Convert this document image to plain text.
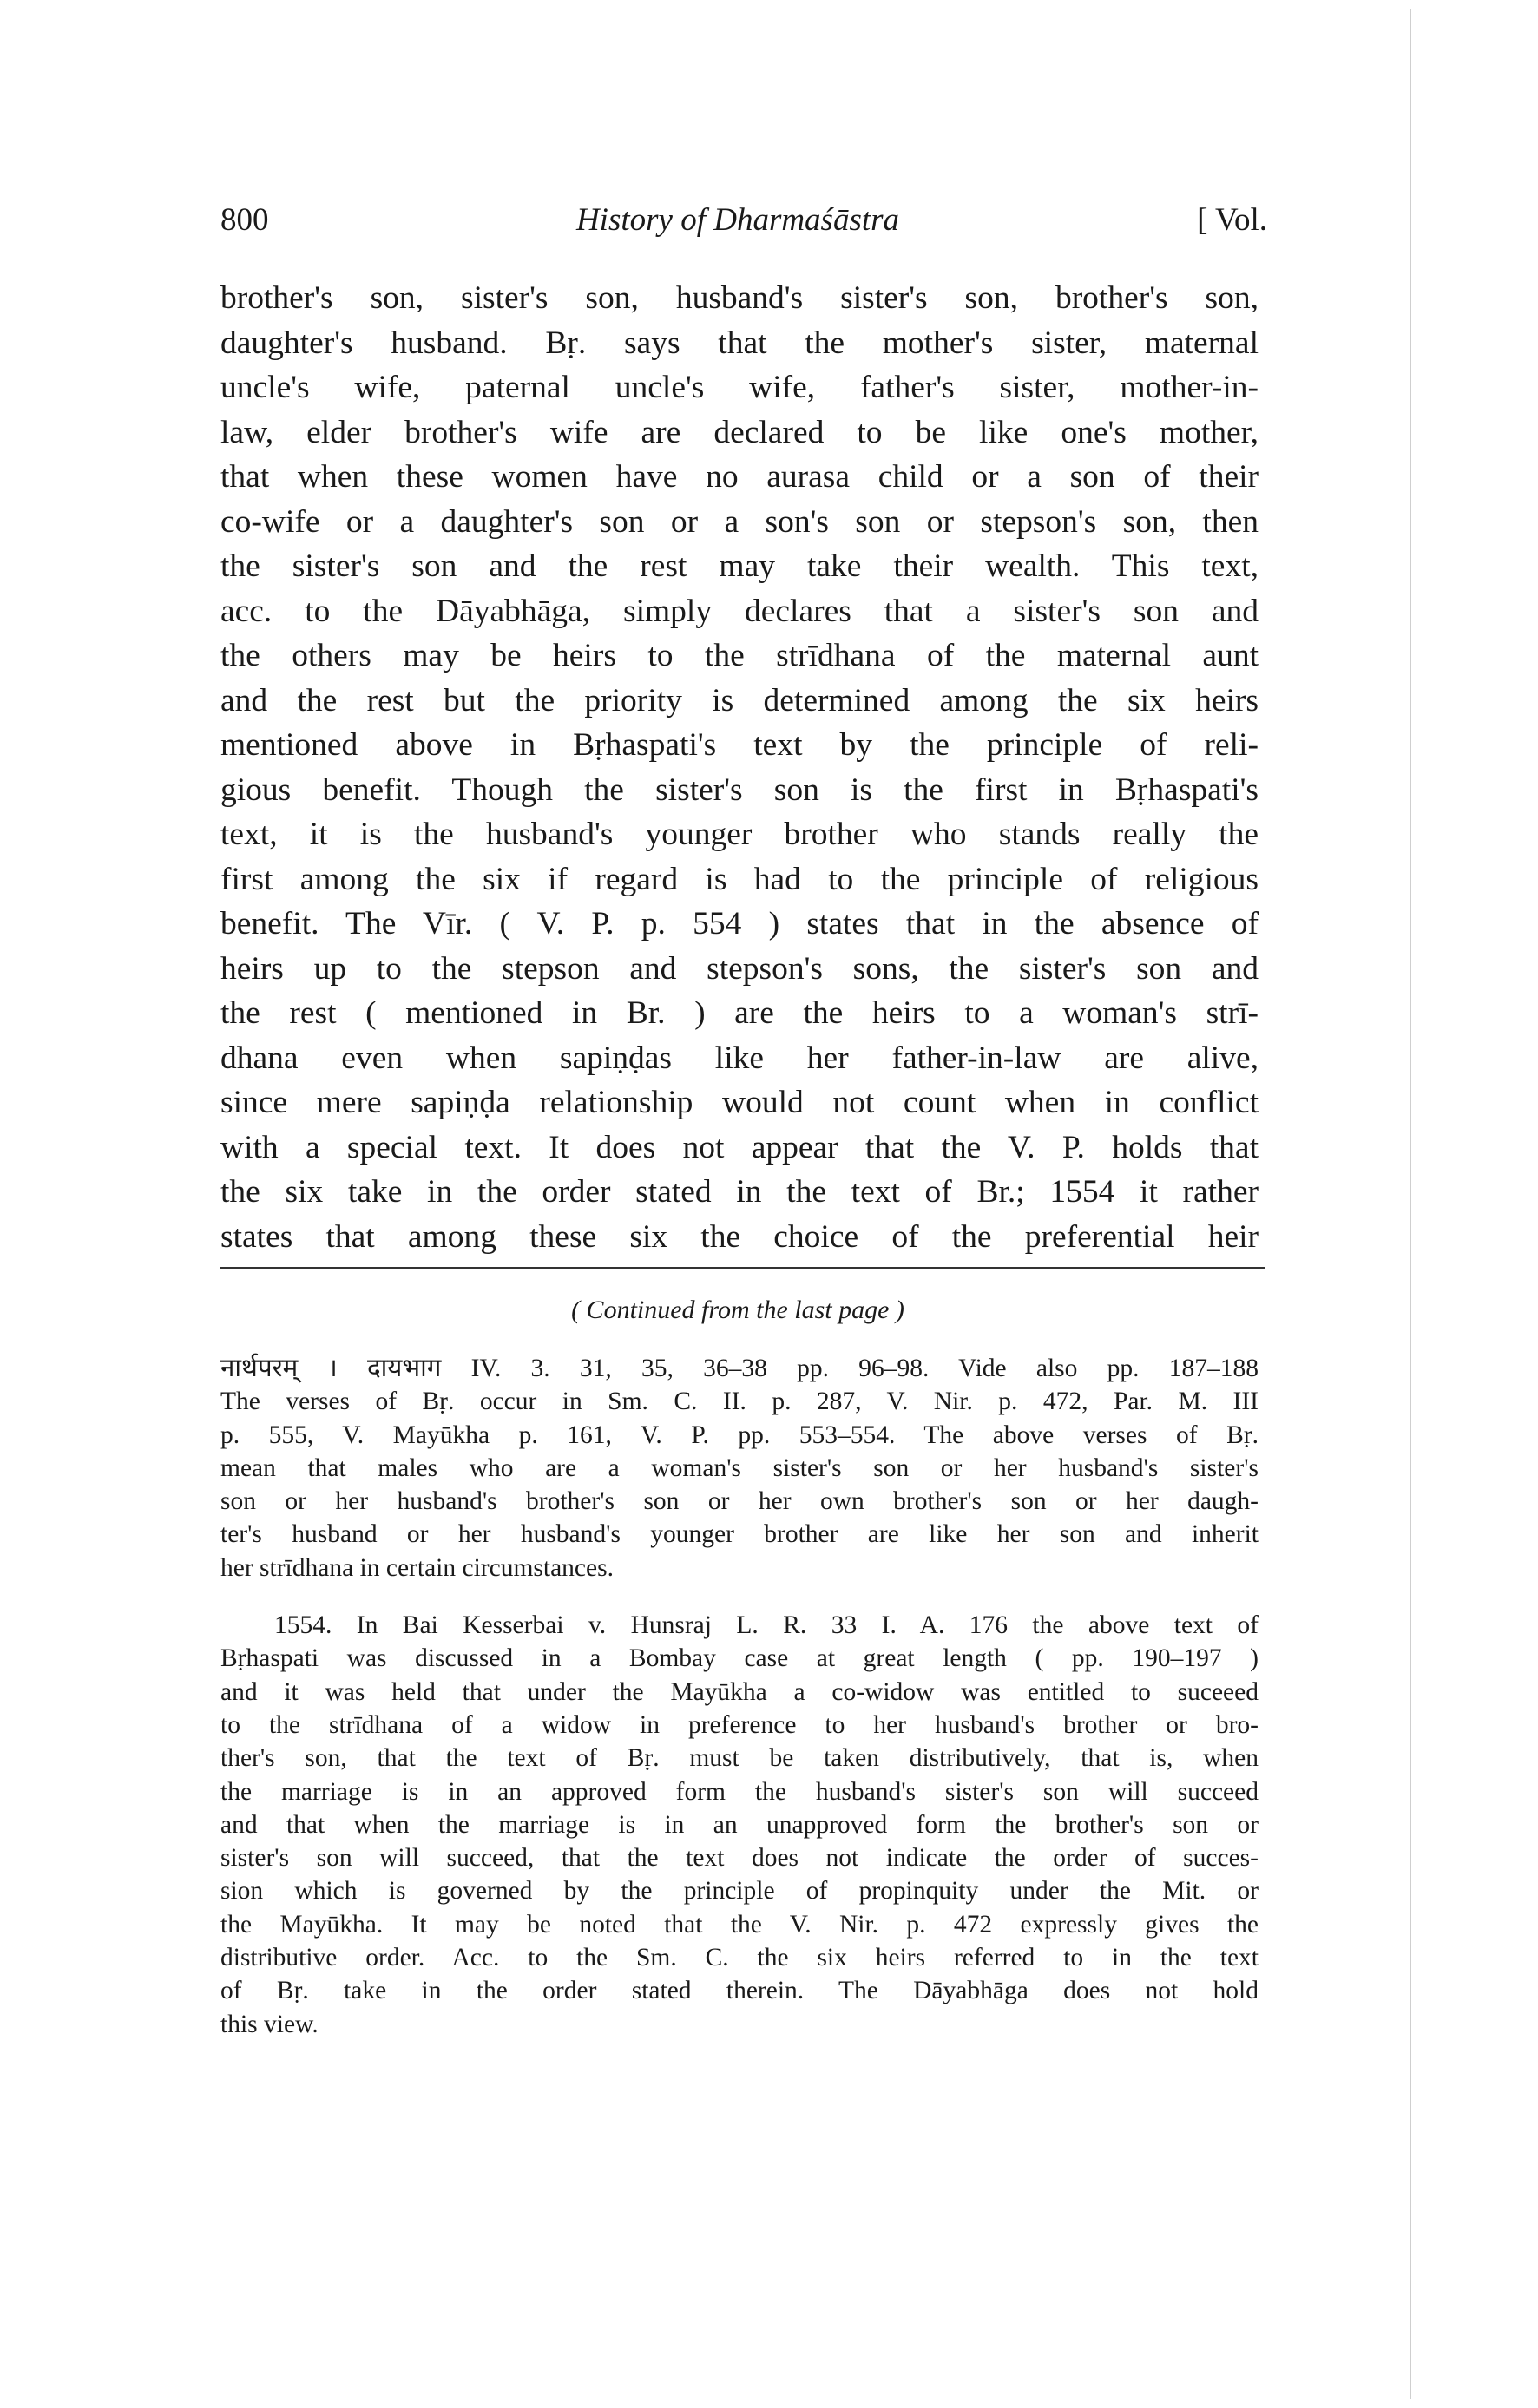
800	History of Dharmaśāstra	[ Vol.
brother's son, sister's son, husband's sister's son, brother's son,
daughter's husband. Bṛ. says that the mother's sister, maternal
uncle's wife, paternal uncle's wife, father's sister, mother-in-
law, elder brother's wife are declared to be like one's mother,
that when these women have no aurasa child or a son of their
co-wife or a daughter's son or a son's son or stepson's son, then
the sister's son and the rest may take their wealth. This text,
acc. to the Dāyabhāga, simply declares that a sister's son and
the others may be heirs to the strīdhana of the maternal aunt
and the rest but the priority is determined among the six heirs
mentioned above in Bṛhaspati's text by the principle of reli-
gious benefit. Though the sister's son is the first in Bṛhaspati's
text, it is the husband's younger brother who stands really the
first among the six if regard is had to the principle of religious
benefit. The Vīr. ( V. P. p. 554 ) states that in the absence of
heirs up to the stepson and stepson's sons, the sister's son and
the rest ( mentioned in Br. ) are the heirs to a woman's strī-
dhana even when sapiṇḍas like her father-in-law are alive,
since mere sapiṇḍa relationship would not count when in conflict
with a special text. It does not appear that the V. P. holds that
the six take in the order stated in the text of Br.; 1554 it rather
states that among these six the choice of the preferential heir
( Continued from the last page )
नार्थपरम् । दायभाग IV. 3. 31, 35, 36–38 pp. 96–98. Vide also pp. 187–188
The verses of Bṛ. occur in Sm. C. II. p. 287, V. Nir. p. 472, Par. M. III
p. 555, V. Mayūkha p. 161, V. P. pp. 553–554. The above verses of Bṛ.
mean that males who are a woman's sister's son or her husband's sister's
son or her husband's brother's son or her own brother's son or her daugh-
ter's husband or her husband's younger brother are like her son and inherit
her strīdhana in certain circumstances.
1554. In Bai Kesserbai v. Hunsraj L. R. 33 I. A. 176 the above text of
Bṛhaspati was discussed in a Bombay case at great length ( pp. 190–197 )
and it was held that under the Mayūkha a co-widow was entitled to suceeed
to the strīdhana of a widow in preference to her husband's brother or bro-
ther's son, that the text of Bṛ. must be taken distributively, that is, when
the marriage is in an approved form the husband's sister's son will succeed
and that when the marriage is in an unapproved form the brother's son or
sister's son will succeed, that the text does not indicate the order of succes-
sion which is governed by the principle of propinquity under the Mit. or
the Mayūkha. It may be noted that the V. Nir. p. 472 expressly gives the
distributive order. Acc. to the Sm. C. the six heirs referred to in the text
of Bṛ. take in the order stated therein. The Dāyabhāga does not hold
this view.
